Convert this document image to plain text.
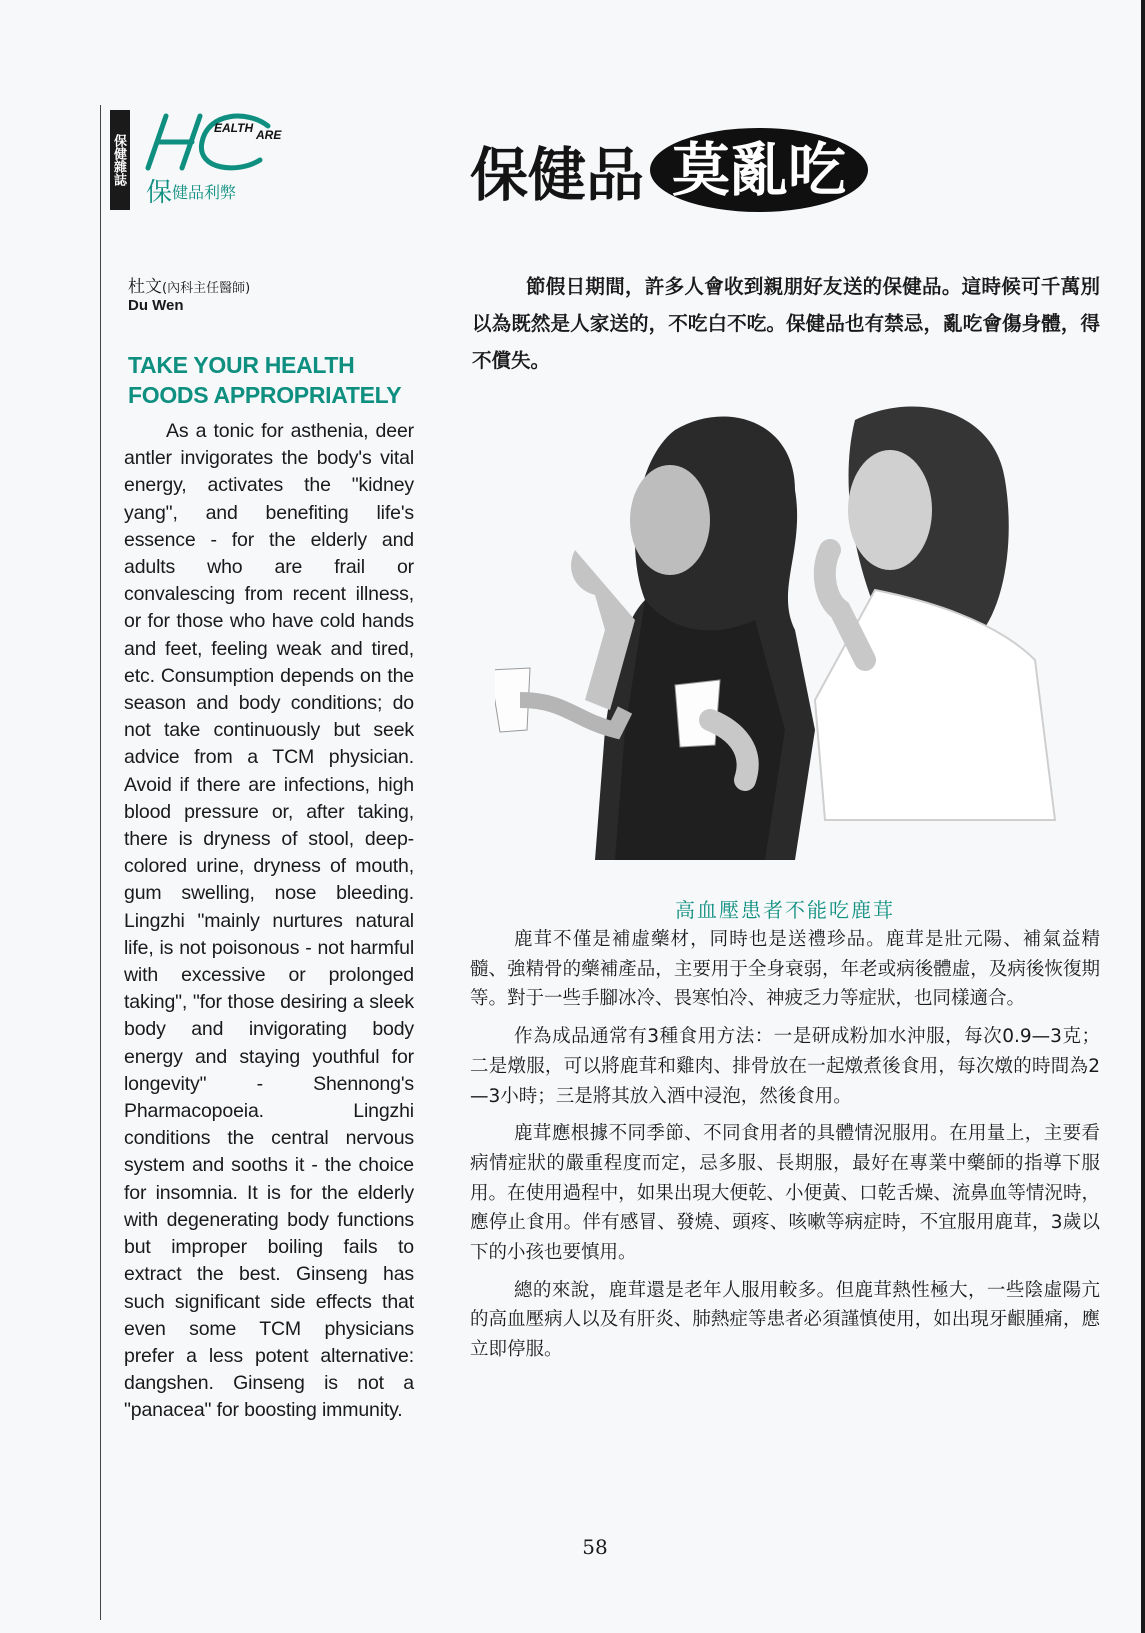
保健雜誌
EALTH ARE
保健品利弊
杜文(內科主任醫師)
Du Wen
TAKE YOUR HEALTH FOODS APPROPRIATELY
As a tonic for asthenia, deer antler invigorates the body's vital energy, activates the "kidney yang", and benefiting life's essence - for the elderly and adults who are frail or convalescing from recent illness, or for those who have cold hands and feet, feeling weak and tired, etc. Consumption depends on the season and body conditions; do not take continuously but seek advice from a TCM physician. Avoid if there are infections, high blood pressure or, after taking, there is dryness of stool, deep-colored urine, dryness of mouth, gum swelling, nose bleeding. Lingzhi "mainly nurtures natural life, is not poisonous - not harmful with excessive or prolonged taking", "for those desiring a sleek body and invigorating body energy and staying youthful for longevity" - Shennong's Pharmacopoeia. Lingzhi conditions the central nervous system and sooths it - the choice for insomnia. It is for the elderly with degenerating body functions but improper boiling fails to extract the best. Ginseng has such significant side effects that even some TCM physicians prefer a less potent alternative: dangshen. Ginseng is not a "panacea" for boosting immunity.
保健品 莫亂吃
節假日期間，許多人會收到親朋好友送的保健品。這時候可千萬別以為既然是人家送的，不吃白不吃。保健品也有禁忌，亂吃會傷身體，得不償失。
高血壓患者不能吃鹿茸

鹿茸不僅是補虛藥材，同時也是送禮珍品。鹿茸是壯元陽、補氣益精髓、強精骨的藥補產品，主要用于全身衰弱，年老或病後體虛，及病後恢復期等。對于一些手腳冰冷、畏寒怕冷、神疲乏力等症狀，也同樣適合。

作為成品通常有3種食用方法：一是研成粉加水沖服，每次0.9—3克；二是燉服，可以將鹿茸和雞肉、排骨放在一起燉煮後食用，每次燉的時間為2—3小時；三是將其放入酒中浸泡，然後食用。

鹿茸應根據不同季節、不同食用者的具體情況服用。在用量上，主要看病情症狀的嚴重程度而定，忌多服、長期服，最好在專業中藥師的指導下服用。在使用過程中，如果出現大便乾、小便黃、口乾舌燥、流鼻血等情況時，應停止食用。伴有感冒、發燒、頭疼、咳嗽等病症時，不宜服用鹿茸，3歲以下的小孩也要慎用。

總的來說，鹿茸還是老年人服用較多。但鹿茸熱性極大，一些陰虛陽亢的高血壓病人以及有肝炎、肺熱症等患者必須謹慎使用，如出現牙齦腫痛，應立即停服。

58
